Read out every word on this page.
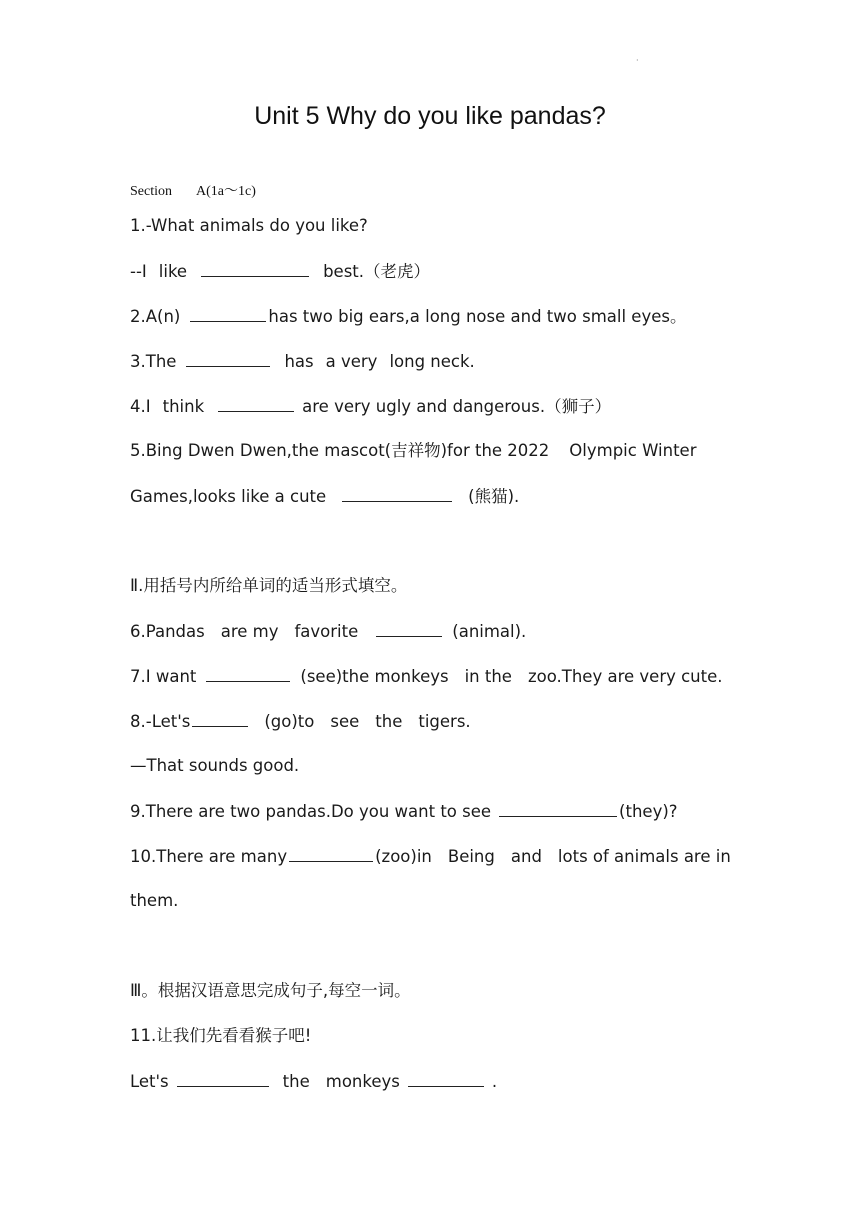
·
Unit 5 Why do you like pandas?
Section A(1a～1c)
1.-What animals do you like?
--I like	best.（老虎）
2.A(n)	has two big ears,a long nose and two small eyes。
3.The	has a very long neck.
4.I think	are very ugly and dangerous.（狮子）
5.Bing Dwen Dwen,the mascot(吉祥物)for the 2022 Olympic Winter
Games,looks like a cute	(熊猫).
Ⅱ.用括号内所给单词的适当形式填空。
6.Pandas are my favorite	(animal).
7.I want	(see)the monkeys in the zoo.They are very cute.
8.-Let's	(go)to see the tigers.
—That sounds good.
9.There are two pandas.Do you want to see	(they)?
10.There are many	(zoo)in Being and lots of animals are in
them.
Ⅲ。根据汉语意思完成句子,每空一词。
11.让我们先看看猴子吧!
Let's	the monkeys	.
